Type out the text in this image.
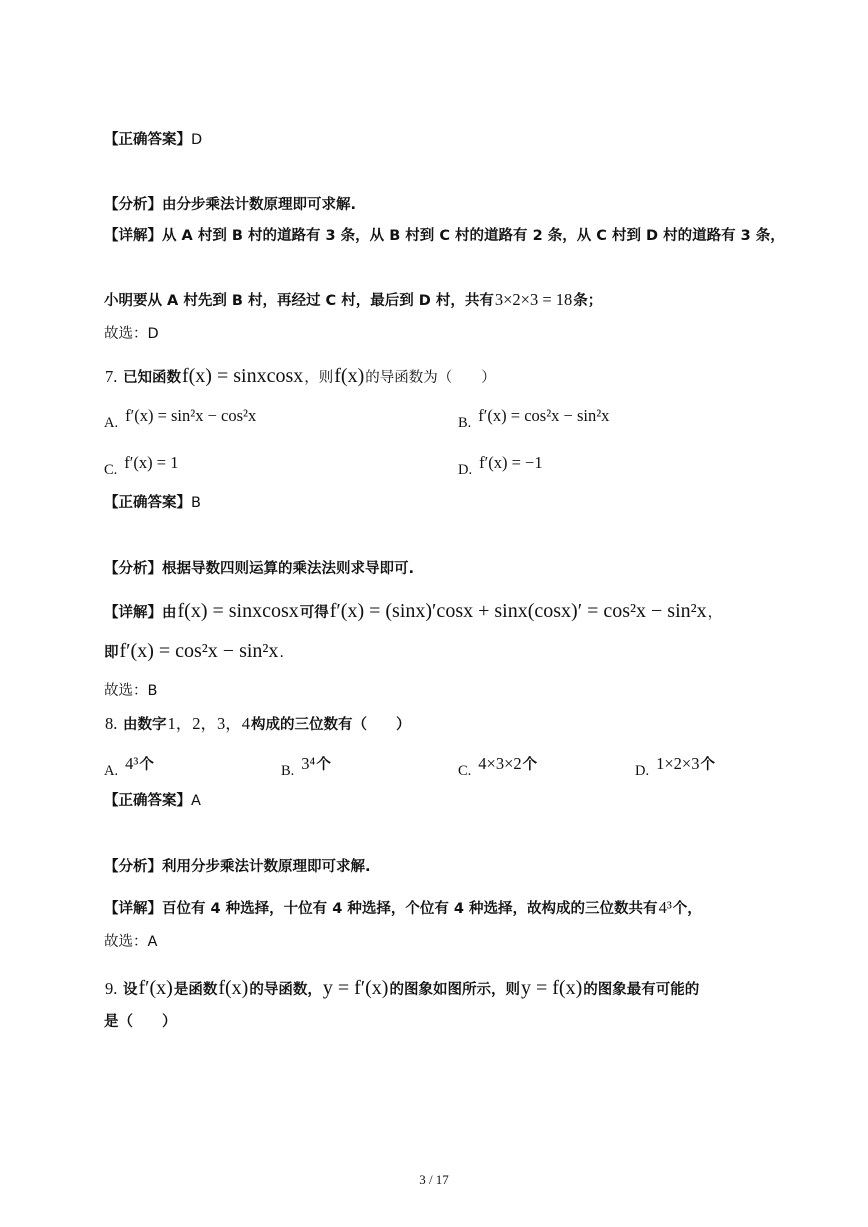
【正确答案】D
【分析】由分步乘法计数原理即可求解.
【详解】从 A 村到 B 村的道路有 3 条，从 B 村到 C 村的道路有 2 条，从 C 村到 D 村的道路有 3 条，
小明要从 A 村先到 B 村，再经过 C 村，最后到 D 村，共有3×2×3 = 18条；
故选：D
7. 已知函数f(x) = sinxcosx，则f(x)的导函数为（　　）
A. f′(x) = sin²x − cos²x	B. f′(x) = cos²x − sin²x
C. f′(x) = 1	D. f′(x) = −1
【正确答案】B
【分析】根据导数四则运算的乘法法则求导即可.
【详解】由f(x) = sinxcosx可得f′(x) = (sinx)′cosx + sinx(cosx)′ = cos²x − sin²x，
即f′(x) = cos²x − sin²x.
故选：B
8. 由数字1，2，3，4构成的三位数有（　　）
A. 4³个	B. 3⁴个	C. 4×3×2个	D. 1×2×3个
【正确答案】A
【分析】利用分步乘法计数原理即可求解.
【详解】百位有 4 种选择，十位有 4 种选择，个位有 4 种选择，故构成的三位数共有4³个，
故选：A
9. 设f′(x)是函数f(x)的导函数，y = f′(x)的图象如图所示，则y = f(x)的图象最有可能的
是（　　）
3 / 17
